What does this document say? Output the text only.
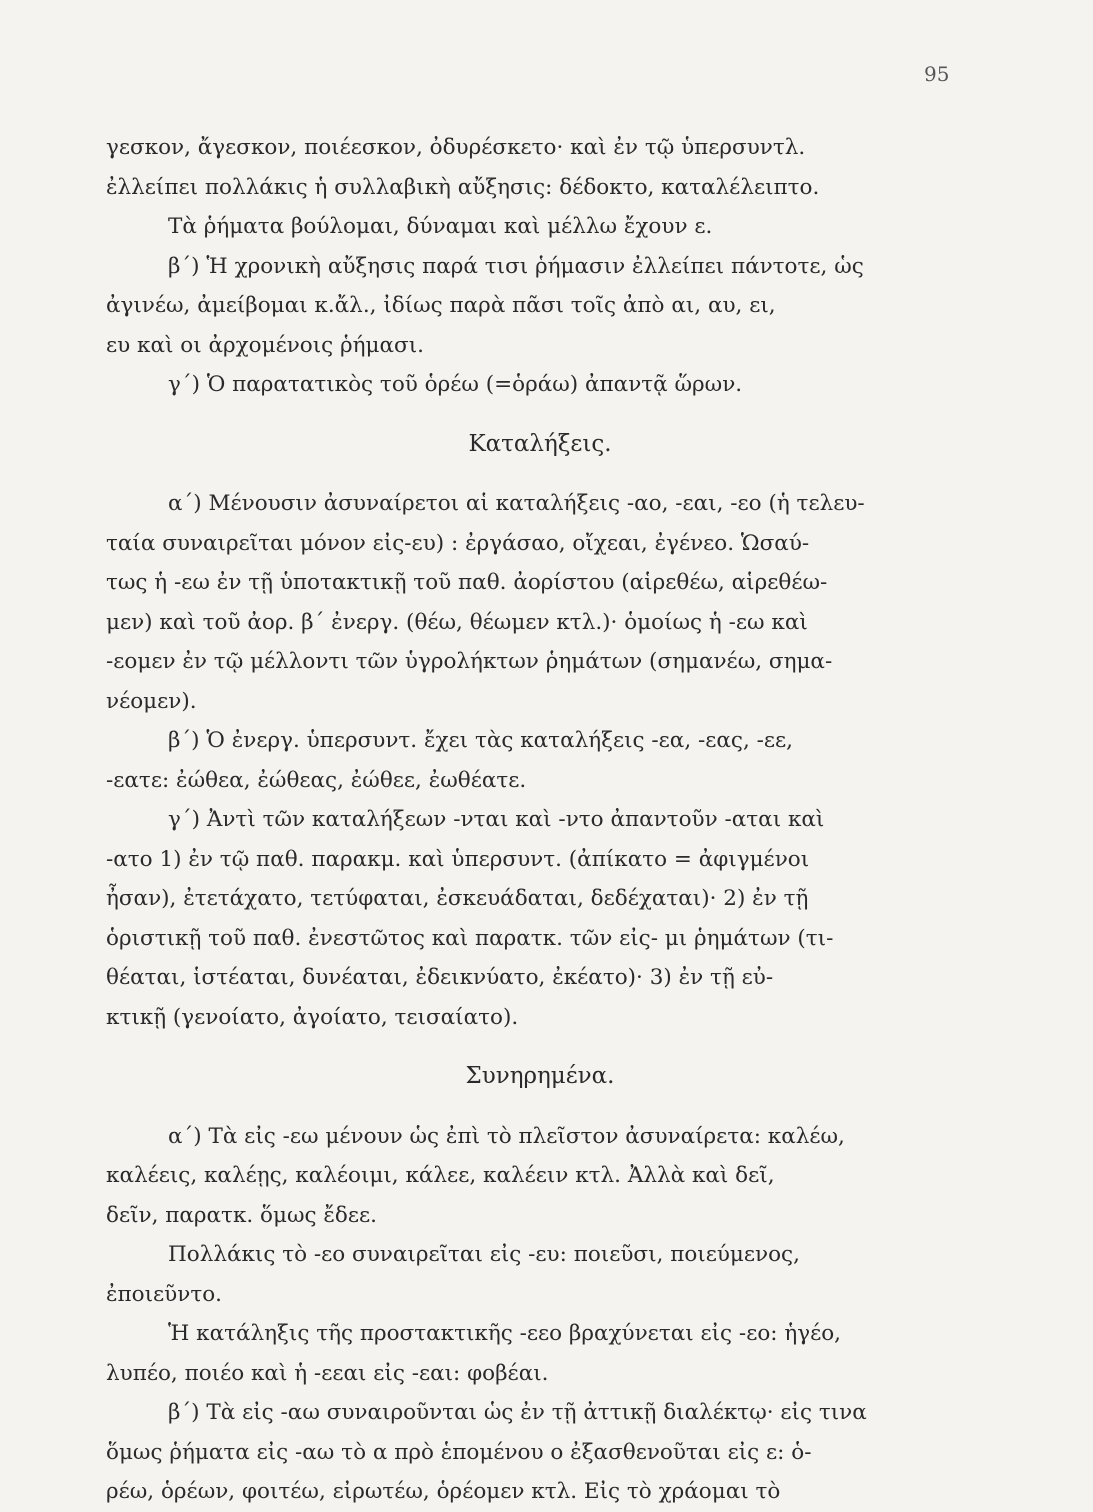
95
γεσκον, ἄγεσκον, ποιέεσκον, ὀδυρέσκετο· καὶ ἐν τῷ ὑπερσυντλ.
ἐλλείπει πολλάκις ἡ συλλαβικὴ αὔξησις: δέδοκτο, καταλέλειπτο.
Τὰ ῥήματα βούλομαι, δύναμαι καὶ μέλλω ἔχουν ε.
β΄) Ἡ χρονικὴ αὔξησις παρά τισι ῥήμασιν ἐλλείπει πάντοτε, ὡς
ἀγινέω, ἀμείβομαι κ.ἄλ., ἰδίως παρὰ πᾶσι τοῖς ἀπὸ αι, αυ, ει,
ευ καὶ οι ἀρχομένοις ῥήμασι.
γ΄) Ὁ παρατατικὸς τοῦ ὁρέω (=ὁράω) ἀπαντᾷ ὥρων.
Καταλήξεις.
α΄) Μένουσιν ἀσυναίρετοι αἱ καταλήξεις -αο, -εαι, -εο (ἡ τελευ-
ταία συναιρεῖται μόνον εἰς-ευ) : ἐργάσαο, οἴχεαι, ἐγένεο. Ὡσαύ-
τως ἡ -εω ἐν τῇ ὑποτακτικῇ τοῦ παθ. ἀορίστου (αἱρεθέω, αἱρεθέω-
μεν) καὶ τοῦ ἀορ. β΄ ἐνεργ. (θέω, θέωμεν κτλ.)· ὁμοίως ἡ -εω καὶ
-εομεν ἐν τῷ μέλλοντι τῶν ὑγρολήκτων ῥημάτων (σημανέω, σημα-
νέομεν).
β΄) Ὁ ἐνεργ. ὑπερσυντ. ἔχει τὰς καταλήξεις -εα, -εας, -εε,
-εατε: ἐώθεα, ἐώθεας, ἐώθεε, ἐωθέατε.
γ΄) Ἀντὶ τῶν καταλήξεων -νται καὶ -ντο ἀπαντοῦν -αται καὶ
-ατο 1) ἐν τῷ παθ. παρακμ. καὶ ὑπερσυντ. (ἀπίκατο = ἀφιγμένοι
ἦσαν), ἐτετάχατο, τετύφαται, ἐσκευάδαται, δεδέχαται)· 2) ἐν τῇ
ὁριστικῇ τοῦ παθ. ἐνεστῶτος καὶ παρατκ. τῶν εἰς- μι ῥημάτων (τι-
θέαται, ἱστέαται, δυνέαται, ἐδεικνύατο, ἐκέατο)· 3) ἐν τῇ εὐ-
κτικῇ (γενοίατο, ἀγοίατο, τεισαίατο).
Συνηρημένα.
α΄) Τὰ εἰς -εω μένουν ὡς ἐπὶ τὸ πλεῖστον ἀσυναίρετα: καλέω,
καλέεις, καλέῃς, καλέοιμι, κάλεε, καλέειν κτλ. Ἀλλὰ καὶ δεῖ,
δεῖν, παρατκ. ὅμως ἔδεε.
Πολλάκις τὸ -εο συναιρεῖται εἰς -ευ: ποιεῦσι, ποιεύμενος,
ἐποιεῦντο.
Ἡ κατάληξις τῆς προστακτικῆς -εεο βραχύνεται εἰς -εο: ἡγέο,
λυπέο, ποιέο καὶ ἡ -εεαι εἰς -εαι: φοβέαι.
β΄) Τὰ εἰς -αω συναιροῦνται ὡς ἐν τῇ ἀττικῇ διαλέκτῳ· εἰς τινα
ὅμως ῥήματα εἰς -αω τὸ α πρὸ ἑπομένου ο ἐξασθενοῦται εἰς ε: ὁ-
ρέω, ὁρέων, φοιτέω, εἰρωτέω, ὁρέομεν κτλ. Εἰς τὸ χράομαι τὸ
